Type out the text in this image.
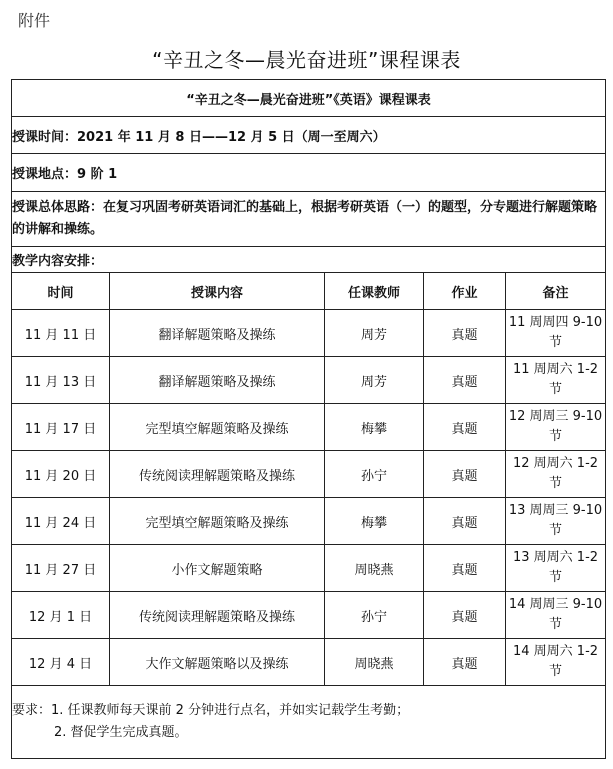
附件
“辛丑之冬—晨光奋进班”课程课表
“辛丑之冬—晨光奋进班”《英语》课程课表				
授课时间：2021 年 11 月 8 日——12 月 5 日（周一至周六）				
授课地点：9 阶 1				
授课总体思路：在复习巩固考研英语词汇的基础上，根据考研英语（一）的题型，分专题进行解题策略的讲解和操练。				
教学内容安排：				
时间	授课内容	任课教师	作业	备注
11 月 11 日	翻译解题策略及操练	周芳	真题	11 周周四 9-10 节
11 月 13 日	翻译解题策略及操练	周芳	真题	11 周周六 1-2 节
11 月 17 日	完型填空解题策略及操练	梅攀	真题	12 周周三 9-10 节
11 月 20 日	传统阅读理解题策略及操练	孙宁	真题	12 周周六 1-2 节
11 月 24 日	完型填空解题策略及操练	梅攀	真题	13 周周三 9-10 节
11 月 27 日	小作文解题策略	周晓燕	真题	13 周周六 1-2 节
12 月 1 日	传统阅读理解题策略及操练	孙宁	真题	14 周周三 9-10 节
12 月 4 日	大作文解题策略以及操练	周晓燕	真题	14 周周六 1-2 节

要求：1. 任课教师每天课前 2 分钟进行点名，并如实记载学生考勤；
2. 督促学生完成真题。				
